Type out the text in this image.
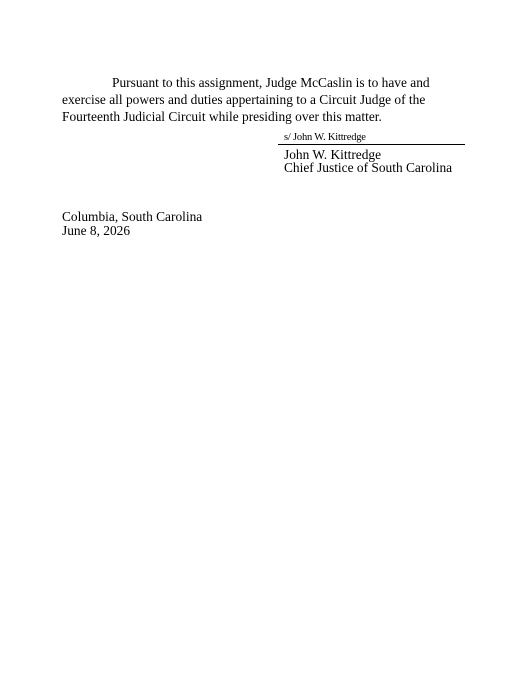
Pursuant to this assignment, Judge McCaslin is to have and exercise all powers and duties appertaining to a Circuit Judge of the Fourteenth Judicial Circuit while presiding over this matter.

s/ John W. Kittredge
John W. Kittredge
Chief Justice of South Carolina
Columbia, South Carolina
June 8, 2026
